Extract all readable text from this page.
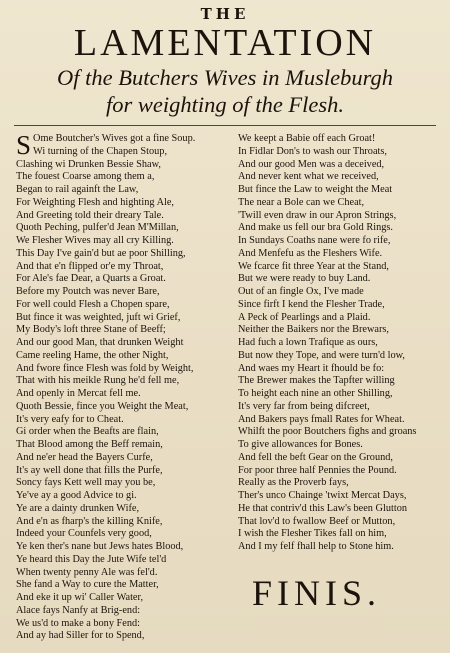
THE
LAMENTATION
Of the Butchers Wives in Musleburgh
for weighting of the Flesh.
S Ome Boutcher's Wives got a fine Soup.
Wi turning of the Chapen Stoup,
Clashing wi Drunken Bessie Shaw,
The fouest Coarse among them a,
Began to rail againft the Law,
For Weighting Flesh and highting Ale,
And Greeting told their dreary Tale.
Quoth Peching, pulfer'd Jean M'Millan,
We Flesher Wives may all cry Killing.
This Day I've gain'd but ae poor Shilling,
And that e'n flipped or'e my Throat,
For Ale's fae Dear, a Quarts a Groat.
Before my Poutch was never Bare,
For well could Flesh a Chopen spare,
But fince it was weighted, juft wi Grief,
My Body's loft three Stane of Beeff;
And our good Man, that drunken Weight
Came reeling Hame, the other Night,
And fwore fince Flesh was fold by Weight,
That with his meikle Rung he'd fell me,
And openly in Mercat fell me.
Quoth Bessie, fince you Weight the Meat,
It's very eafy for to Cheat.
Gi order when the Beafts are flain,
That Blood among the Beff remain,
And ne'er head the Bayers Curfe,
It's ay well done that fills the Purfe,
Soncy fays Kett well may you be,
Ye've ay a good Advice to gi.
Ye are a dainty drunken Wife,
And e'n as fharp's the killing Knife,
Indeed your Counfels very good,
Ye ken ther's nane but Jews hates Blood,
Ye heard this Day the Jute Wife tel'd
When twenty penny Ale was fel'd.
She fand a Way to cure the Matter,
And eke it up wi' Caller Water,
Alace fays Nanfy at Brig-end:
We us'd to make a bony Fend:
And ay had Siller for to Spend,
We keept a Babie off each Groat!
In Fidlar Don's to wash our Throats,
And our good Men was a deceived,
And never kent what we received,
But fince the Law to weight the Meat
The near a Bole can we Cheat,
'Twill even draw in our Apron Strings,
And make us fell our bra Gold Rings.
In Sundays Coaths nane were fo rife,
And Menfefu as the Fleshers Wife.
We fcarce fit three Year at the Stand,
But we were ready to buy Land.
Out of an fingle Ox, I've made
Since firft I kend the Flesher Trade,
A Peck of Pearlings and a Plaid.
Neither the Baikers nor the Brewars,
Had fuch a lown Trafique as ours,
But now they Tope, and were turn'd low,
And waes my Heart it fhould be fo:
The Brewer makes the Tapfter willing
To height each nine an other Shilling,
It's very far from being difcreet,
And Bakers pays fmall Rates for Wheat.
Whilft the poor Boutchers fighs and groans
To give allowances for Bones.
And fell the beft Gear on the Ground,
For poor three half Pennies the Pound.
Really as the Proverb fays,
Ther's unco Chainge 'twixt Mercat Days,
He that contriv'd this Law's been Glutton
That lov'd to fwallow Beef or Mutton,
I wish the Flesher Tikes fall on him,
And I my felf fhall help to Stone him.
FINIS.
